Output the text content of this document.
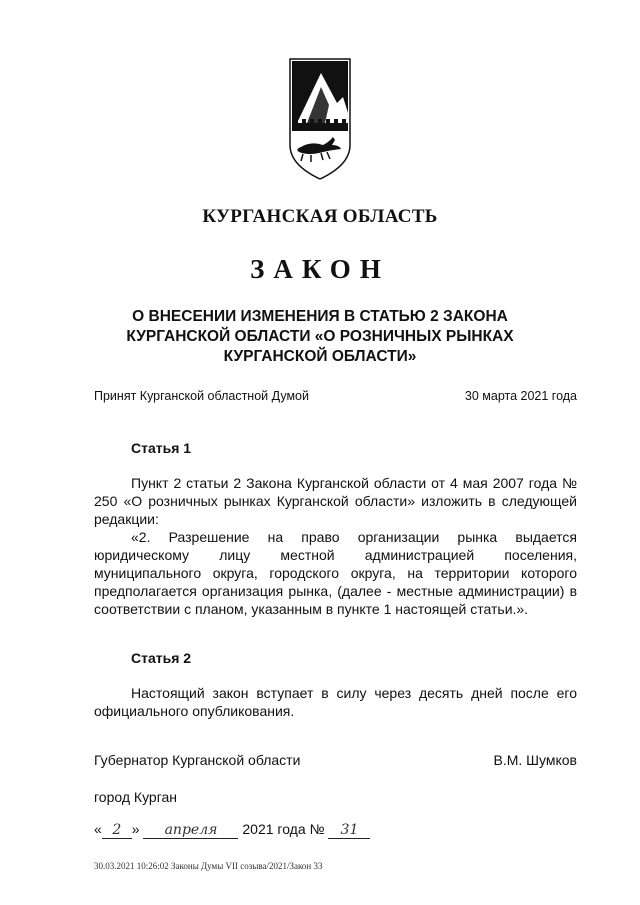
КУРГАНСКАЯ ОБЛАСТЬ
ЗАКОН
О ВНЕСЕНИИ ИЗМЕНЕНИЯ В СТАТЬЮ 2 ЗАКОНА
КУРГАНСКОЙ ОБЛАСТИ «О РОЗНИЧНЫХ РЫНКАХ
КУРГАНСКОЙ ОБЛАСТИ»
Принят Курганской областной Думой	30 марта 2021 года
Статья 1
Пункт 2 статьи 2 Закона Курганской области от 4 мая 2007 года № 250 «О розничных рынках Курганской области» изложить в следующей редакции:
«2. Разрешение на право организации рынка выдается юридическому лицу местной администрацией поселения, муниципального округа, городского округа, на территории которого предполагается организация рынка, (далее - местные администрации) в соответствии с планом, указанным в пункте 1 настоящей статьи.».
Статья 2
Настоящий закон вступает в силу через десять дней после его официального опубликования.
Губернатор Курганской области	В.М. Шумков
город Курган
« 2 » апреля 2021 года № 31
30.03.2021 10:26:02 Законы Думы VII созыва/2021/Закон 33
